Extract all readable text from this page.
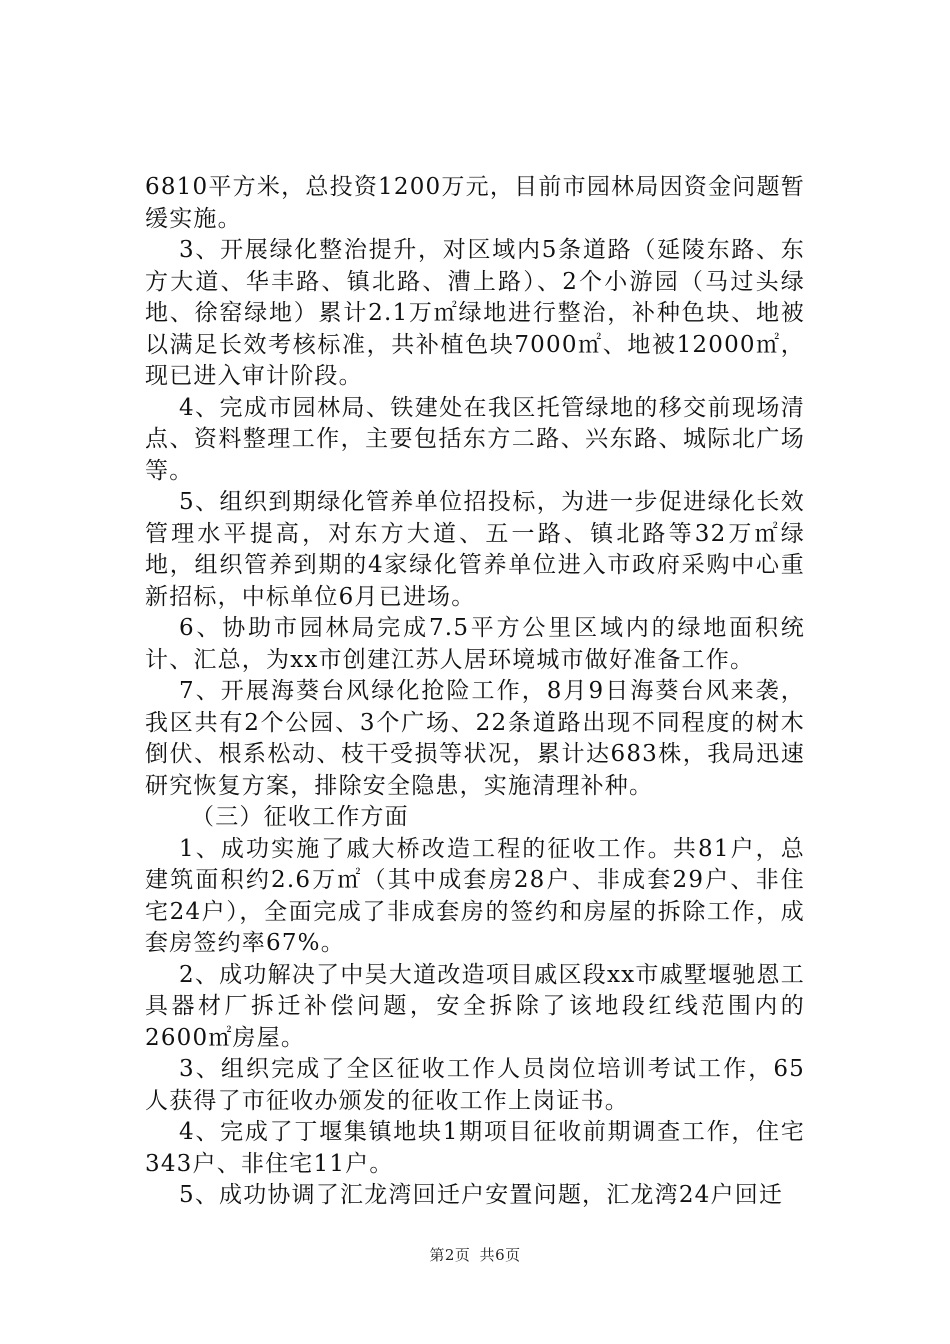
6810平方米，总投资1200万元，目前市园林局因资金问题暂缓实施。

3、开展绿化整治提升，对区域内5条道路（延陵东路、东方大道、华丰路、镇北路、漕上路）、2个小游园（马过头绿地、徐窑绿地）累计2.1万㎡绿地进行整治，补种色块、地被以满足长效考核标准，共补植色块7000㎡、地被12000㎡，现已进入审计阶段。

4、完成市园林局、铁建处在我区托管绿地的移交前现场清点、资料整理工作，主要包括东方二路、兴东路、城际北广场等。

5、组织到期绿化管养单位招投标，为进一步促进绿化长效管理水平提高，对东方大道、五一路、镇北路等32万㎡绿地，组织管养到期的4家绿化管养单位进入市政府采购中心重新招标，中标单位6月已进场。

6、协助市园林局完成7.5平方公里区域内的绿地面积统计、汇总，为xx市创建江苏人居环境城市做好准备工作。

7、开展海葵台风绿化抢险工作，8月9日海葵台风来袭，我区共有2个公园、3个广场、22条道路出现不同程度的树木倒伏、根系松动、枝干受损等状况，累计达683株，我局迅速研究恢复方案，排除安全隐患，实施清理补种。

（三）征收工作方面

1、成功实施了戚大桥改造工程的征收工作。共81户，总建筑面积约2.6万㎡（其中成套房28户、非成套29户、非住宅24户），全面完成了非成套房的签约和房屋的拆除工作，成套房签约率67%。

2、成功解决了中吴大道改造项目戚区段xx市戚墅堰驰恩工具器材厂拆迁补偿问题，安全拆除了该地段红线范围内的2600㎡房屋。

3、组织完成了全区征收工作人员岗位培训考试工作，65人获得了市征收办颁发的征收工作上岗证书。

4、完成了丁堰集镇地块1期项目征收前期调查工作，住宅343户、非住宅11户。

5、成功协调了汇龙湾回迁户安置问题，汇龙湾24户回迁

第2页 共6页
